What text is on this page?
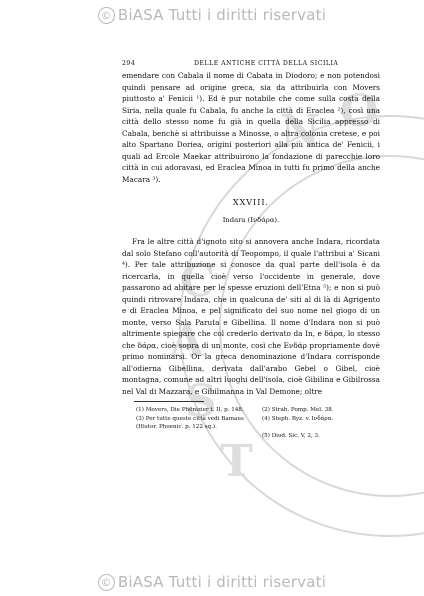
© BiASA Tutti i diritti riservati
C
A
S
T
N O
294	DELLE ANTICHE CITTÀ DELLA SICILIA

emendare con Cabala il nome di Cabata in Diodoro; e non potendosi quindi pensare ad origine greca, sia da attribuirla con Movers piuttosto a' Fenicii ¹). Ed è pur notabile che come sulla costa della Siria, nella quale fu Cabala, fu anche la città di Eraclea ²), così una città dello stesso nome fu già in quella della Sicilia appresso di Cabala, benchè si attribuisse a Minosse, o altra colonia cretese, e poi alto Spartano Doriea, origini posteriori alla più antica de' Fenicii, i quali ad Ercole Maekar attribuirono la fondazione di parecchie loro città in cui adoravasi, ed Eraclea Minoa in tutti fu primo della anche Macara ³).

XXVIII.
Indara (Ινδάρα).

Fra le altre città d'ignoto sito si annovera anche Indara, ricordata dal solo Stefano coll'autorità di Teopompo, il quale l'attribui a' Sicani ⁴). Per tale attribuzione si conosce da qual parte dell'isola è da ricercarla, in quella cioè verso l'occidente in generale, dove passarono ad abitare per le spesse eruzioni dell'Etna ⁵); e non si può quindi ritrovare Indara, che in qualcuna de' siti al di là di Agrigento e di Eraclea Minoa, e pel significato del suo nome nel giogo di un monte, verso Sala Paruta e Gibellina. Il nome d'Indara non si può altrimente spiegare che col crederlo derivato da In, e δάρα, lo stesso che δάρα, cioè sopra di un monte, così che Ενδάρ propriamente dovè primo nominarsi. Or la greca denominazione d'Indara corrisponde all'odierna Gibellina, derivata dall'arabo Gebel o Gibel, cioè montagna, comune ad altri luoghi dell'isola, cioè Gibilina e Gibilrossa nel Val di Mazzara, e Gibilmanna in Val Demone; oltre

(1) Movers, Die Phönizier t. II, p. 148.	(2) Strab. Pomp. Mel. 38.
(3) Per tutte queste città vedi Bamaus (Histor. Phoenic. p. 122 sq.).
(4) Steph. Byz. v. Ινδάρα.
(5) Diod. Sic. V, 2, 3.
© BiASA Tutti i diritti riservati
